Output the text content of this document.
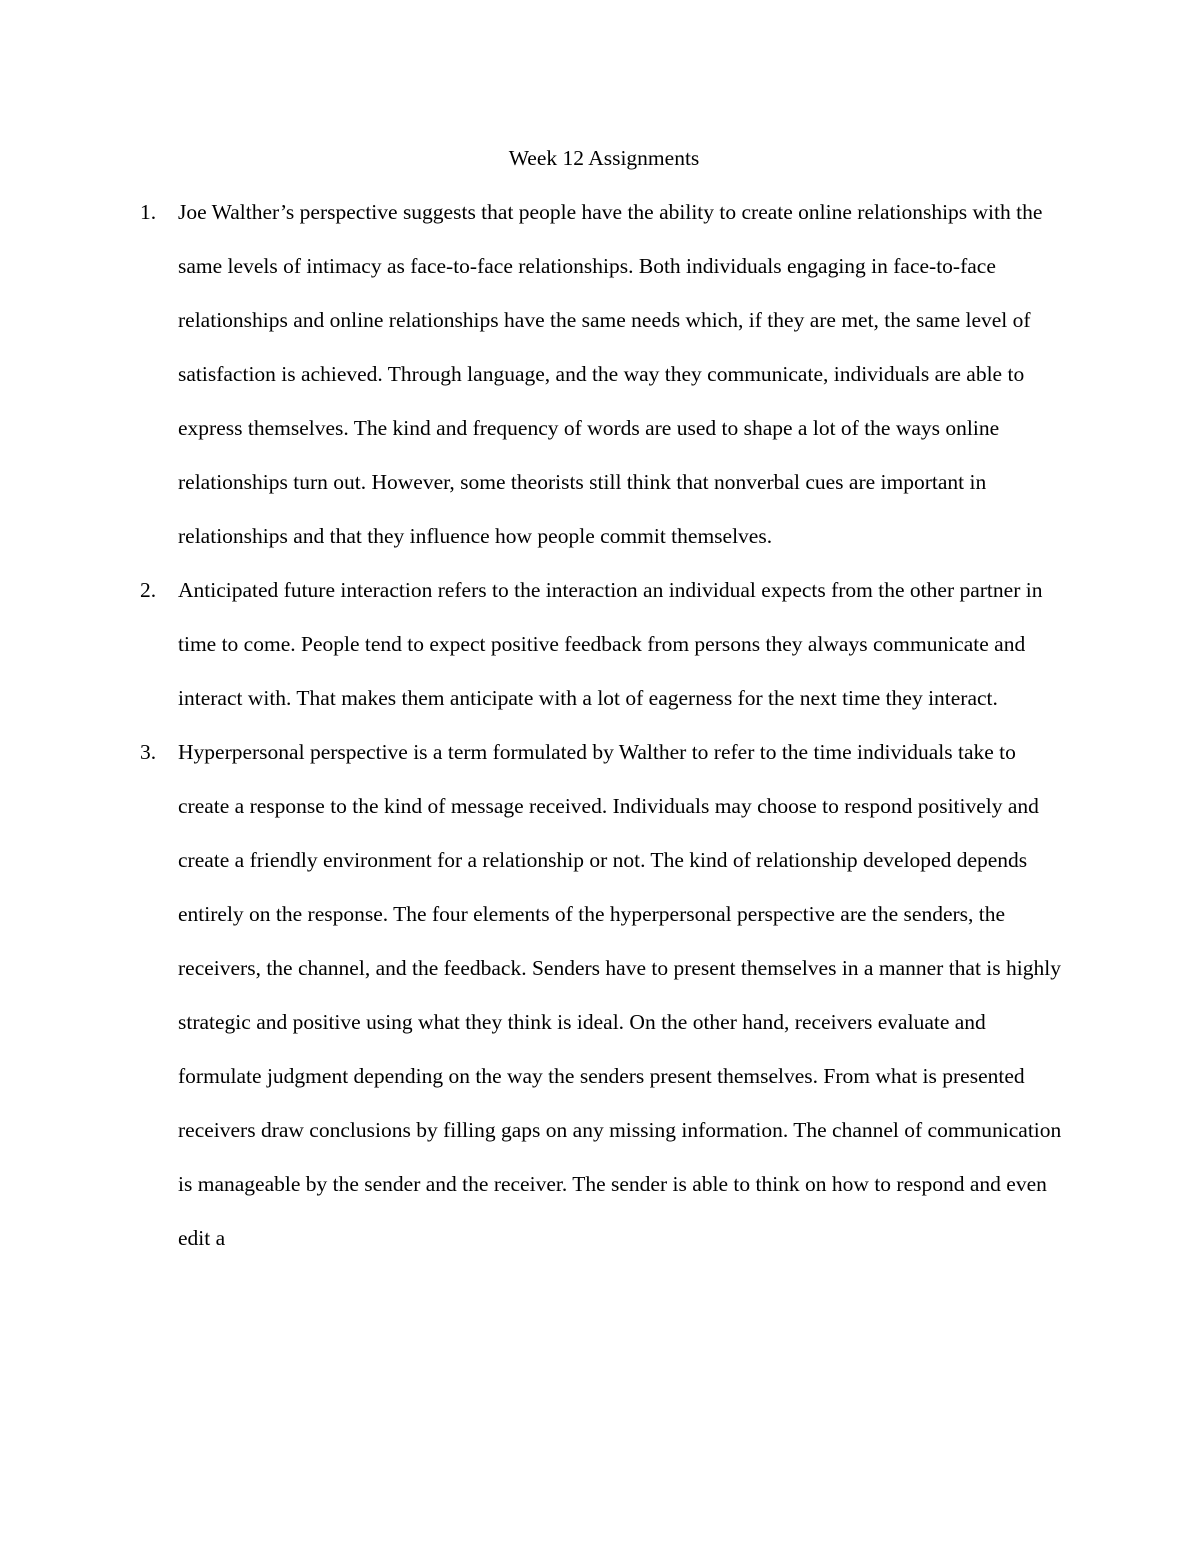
Week 12 Assignments
1.	Joe Walther’s perspective suggests that people have the ability to create online relationships with the same levels of intimacy as face-to-face relationships. Both individuals engaging in face-to-face relationships and online relationships have the same needs which, if they are met, the same level of satisfaction is achieved. Through language, and the way they communicate, individuals are able to express themselves. The kind and frequency of words are used to shape a lot of the ways online relationships turn out. However, some theorists still think that nonverbal cues are important in relationships and that they influence how people commit themselves.
2.	Anticipated future interaction refers to the interaction an individual expects from the other partner in time to come. People tend to expect positive feedback from persons they always communicate and interact with. That makes them anticipate with a lot of eagerness for the next time they interact.
3.	Hyperpersonal perspective is a term formulated by Walther to refer to the time individuals take to create a response to the kind of message received. Individuals may choose to respond positively and create a friendly environment for a relationship or not. The kind of relationship developed depends entirely on the response. The four elements of the hyperpersonal perspective are the senders, the receivers, the channel, and the feedback. Senders have to present themselves in a manner that is highly strategic and positive using what they think is ideal. On the other hand, receivers evaluate and formulate judgment depending on the way the senders present themselves. From what is presented receivers draw conclusions by filling gaps on any missing information. The channel of communication is manageable by the sender and the receiver. The sender is able to think on how to respond and even edit a
